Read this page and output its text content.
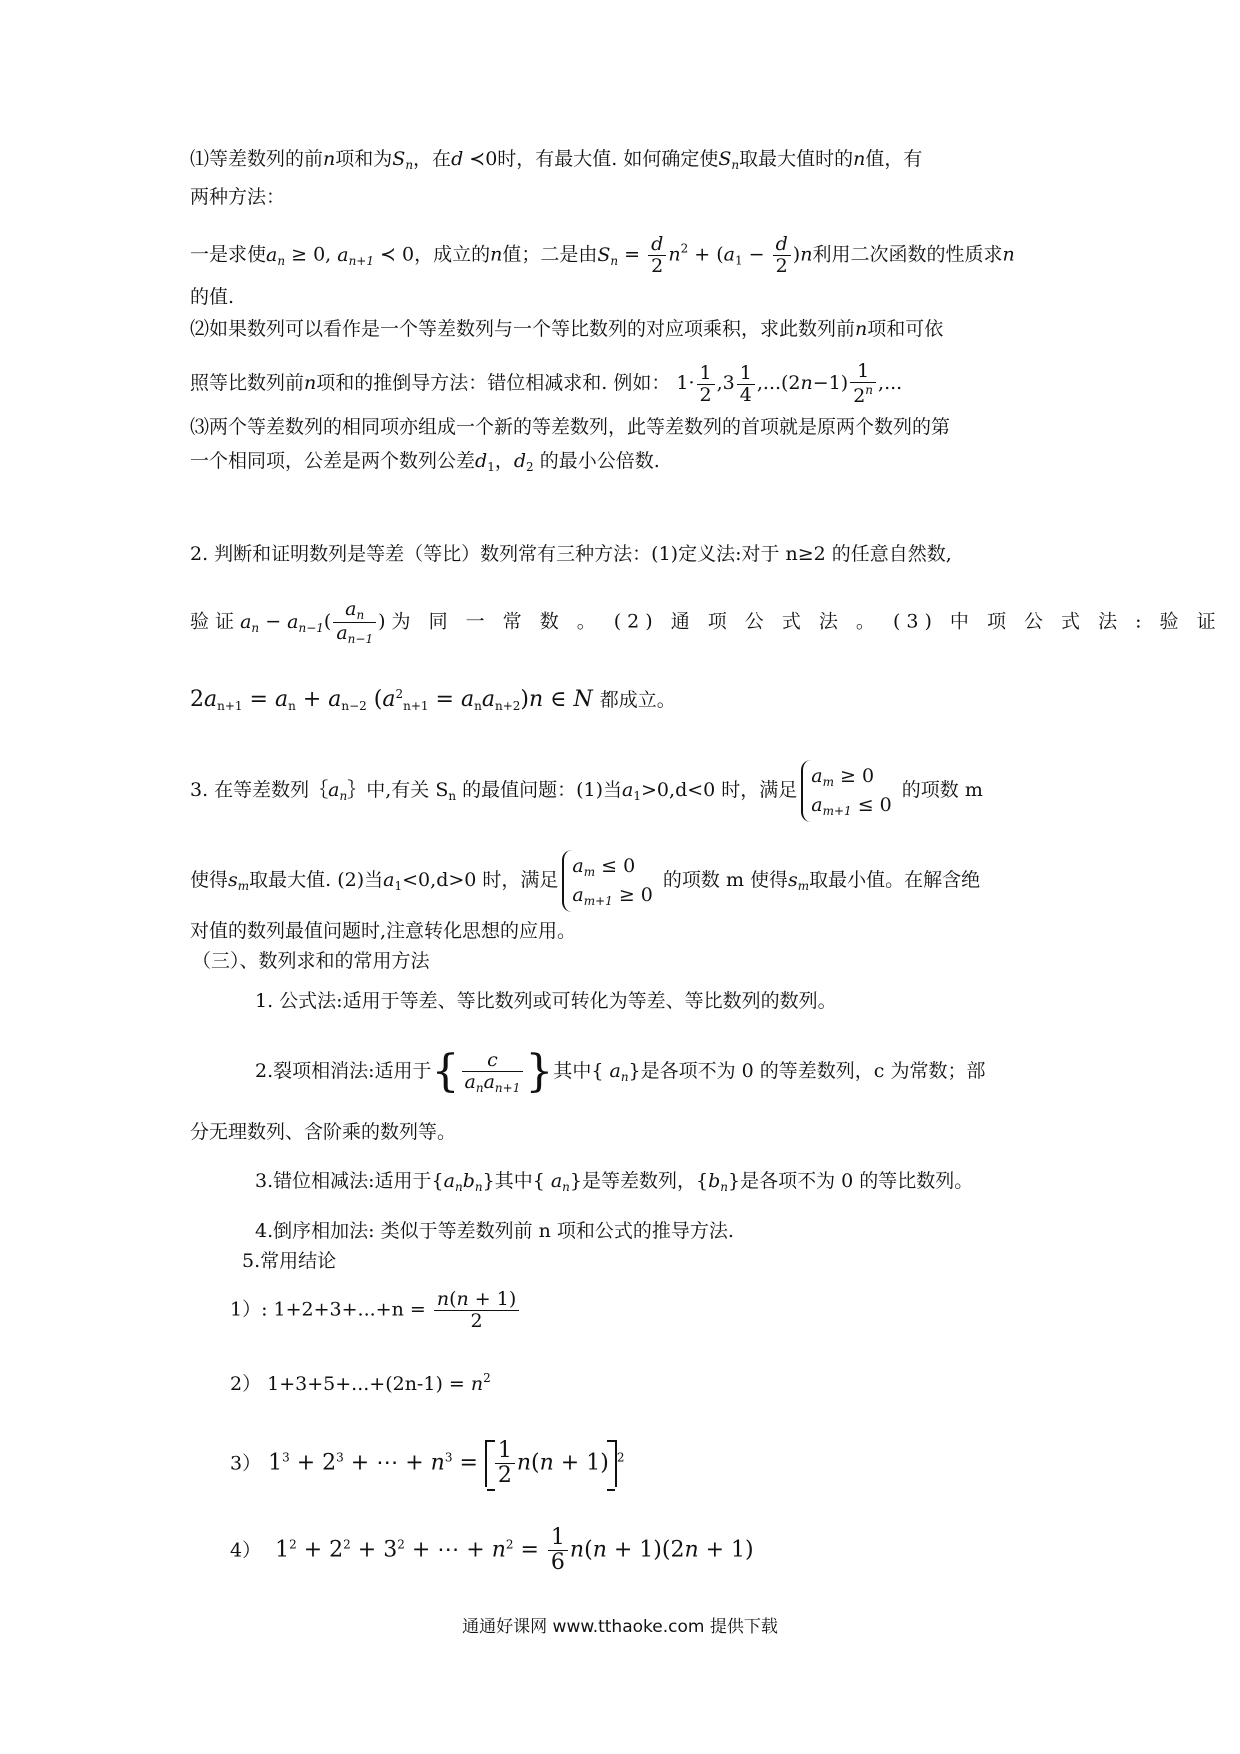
⑴等差数列的前n项和为$S_n$，在d ≺0时，有最大值. 如何确定使$S_n$取最大值时的n值，有
两种方法：
一是求使$a_n \ge 0$, $a_{n+1}$ ≺ 0，成立的n值；二是由$S_n = \frac{d}{2} n^2 + (a_1 - \frac{d}{2} )n$利用二次函数的性质求n
的值.
⑵如果数列可以看作是一个等差数列与一个等比数列的对应项乘积，求此数列前n项和可依
照等比数列前n项和的推倒导方法：错位相减求和. 例如： $1\cdot \frac{1}{2} ,3 \frac{1}{4} ,...(2n-1) \frac{1}{2^n}$ ,...
⑶两个等差数列的相同项亦组成一个新的等差数列，此等差数列的首项就是原两个数列的第
一个相同项，公差是两个数列公差$d_1$，$d_2$ 的最小公倍数.
2. 判断和证明数列是等差（等比）数列常有三种方法：(1)定义法:对于 n≥2 的任意自然数,
验 证 $a_n - a_{n-1}( \frac{a_n}{a_{n-1}}$ ) 为 同 一 常 数 。 (2) 通 项 公 式 法 。 (3) 中 项 公 式 法 : 验 证
$2a_{n+1} = a_n + a_{n-2}$ $(a^2_{n+1} = a_na_{n+2})n$ ∈ N 都成立。
3. 在等差数列$\{a_n\}$中,有关 $S_n$ 的最值问题：(1)当$a_1>0,d<0$ 时，满足
$a_m \ge 0$
$a_{m+1} \le 0$
的项数 m
使得$s_m$取最大值. (2)当$a_1<0,d>0$ 时，满足
$a_m \le 0$
$a_{m+1} \ge 0$
的项数 m 使得$s_m$取最小值。在解含绝
对值的数列最值问题时,注意转化思想的应用。
（三）、数列求和的常用方法
1. 公式法:适用于等差、等比数列或可转化为等差、等比数列的数列。
2.裂项相消法:适用于{ $\frac{c}{a_na_{n+1}}$ }其中{ $a_n$}是各项不为 0 的等差数列，c 为常数；部
分无理数列、含阶乘的数列等。
3.错位相减法:适用于$\{a_nb_n\}$其中{ $a_n$}是等差数列，$\{b_n\}$是各项不为 0 的等比数列。
4.倒序相加法: 类似于等差数列前 n 项和公式的推导方法.
5.常用结论
1）: $1+2+3+...+n = \frac{n(n + 1)}{2}$
2） $1+3+5+...+(2n-1) = n^2$
3） $1^3 + 2^3$ + ⋯ + $n^3 = \frac{1}{2} n(n + 1)$ $^2$
4）  $1^2 + 2^2 + 3^2$ + ⋯ + $n^2 = \frac{1}{6} n(n + 1)(2n + 1)$
通通好课网 www.tthaoke.com 提供下载
